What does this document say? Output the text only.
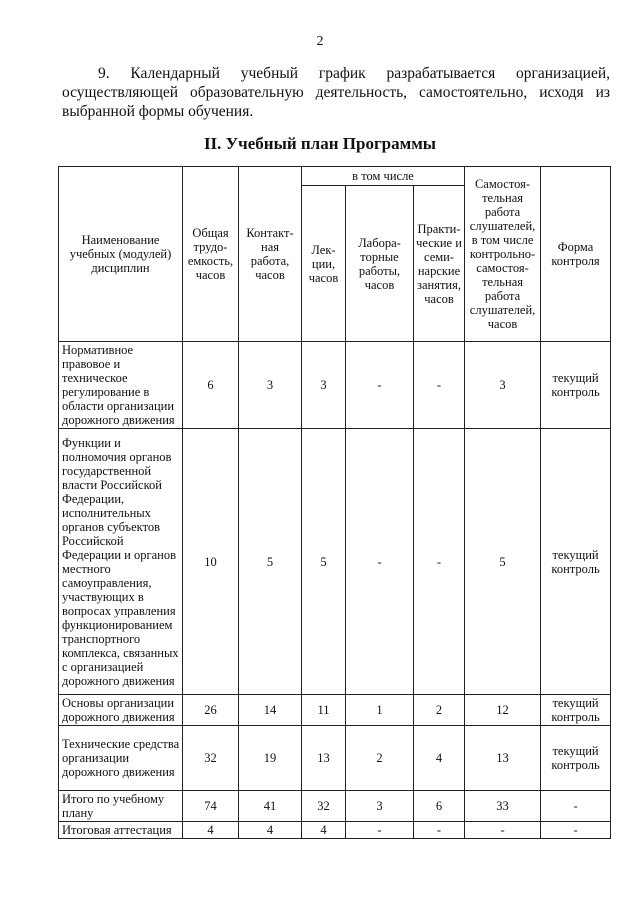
2
9. Календарный учебный график разрабатывается организацией, осуществляющей образовательную деятельность, самостоятельно, исходя из выбранной формы обучения.
II. Учебный план Программы
Наименование учебных (модулей) дисциплин	Общая трудо-емкость, часов	Контакт-ная работа, часов	в том числе			Самостоя-тельная работа слушателей, в том числе контрольно-самостоя-тельная работа слушателей, часов	Форма контроля
			Лек-ции, часов	Лабора-торные работы, часов	Практи-ческие и семи-нарские занятия, часов		
Нормативное правовое и техническое регулирование в области организации дорожного движения	6	3	3	-	-	3	текущий контроль
Функции и полномочия органов государственной власти Российской Федерации, исполнительных органов субъектов Российской Федерации и органов местного самоуправления, участвующих в вопросах управления функционированием транспортного комплекса, связанных с организацией дорожного движения	10	5	5	-	-	5	текущий контроль
Основы организации дорожного движения	26	14	11	1	2	12	текущий контроль
Технические средства организации дорожного движения	32	19	13	2	4	13	текущий контроль
Итого по учебному плану	74	41	32	3	6	33	-
Итоговая аттестация	4	4	4	-	-	-	-
